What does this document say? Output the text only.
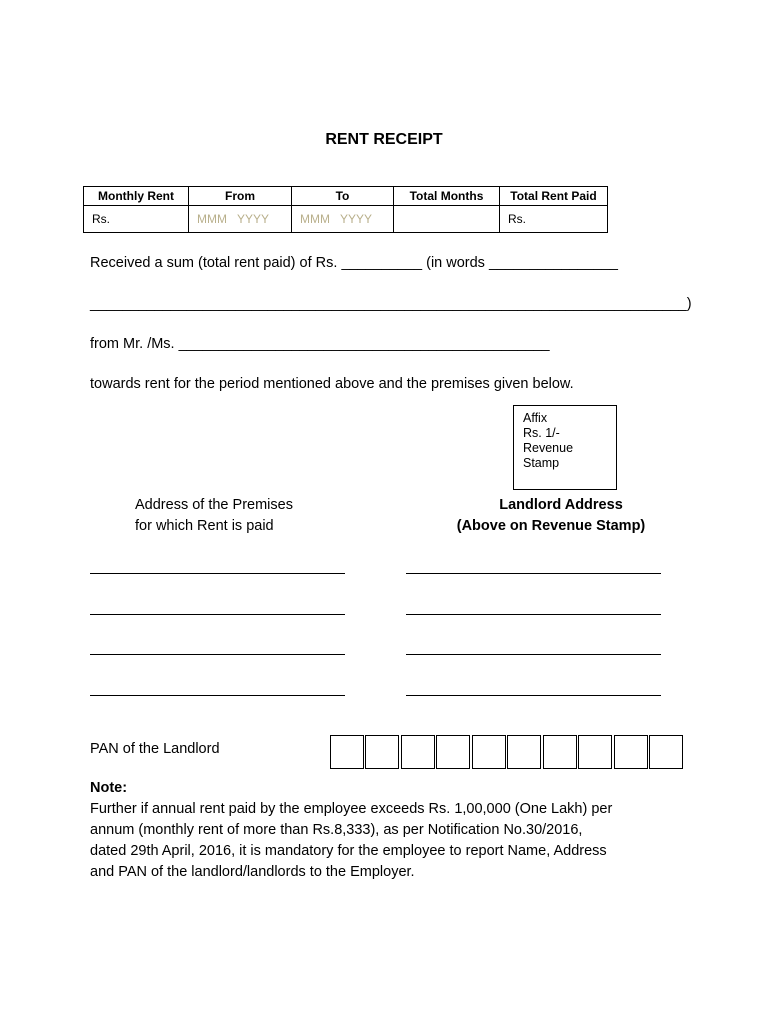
RENT RECEIPT
Monthly Rent	From	To	Total Months	Total Rent Paid
Rs.	MMM YYYY	MMM YYYY		Rs.
Received a sum (total rent paid) of Rs. __________ (in words ________________
__________________________________________________________________________)
from Mr. /Ms. ______________________________________________
towards rent for the period mentioned above and the premises given below.
Affix
Rs. 1/-
Revenue
Stamp
Address of the Premises
for which Rent is paid
Landlord Address
(Above on Revenue Stamp)
PAN of the Landlord
Note:
Further if annual rent paid by the employee exceeds Rs. 1,00,000 (One Lakh) per
annum (monthly rent of more than Rs.8,333), as per Notification No.30/2016,
dated 29th April, 2016, it is mandatory for the employee to report Name, Address
and PAN of the landlord/landlords to the Employer.
